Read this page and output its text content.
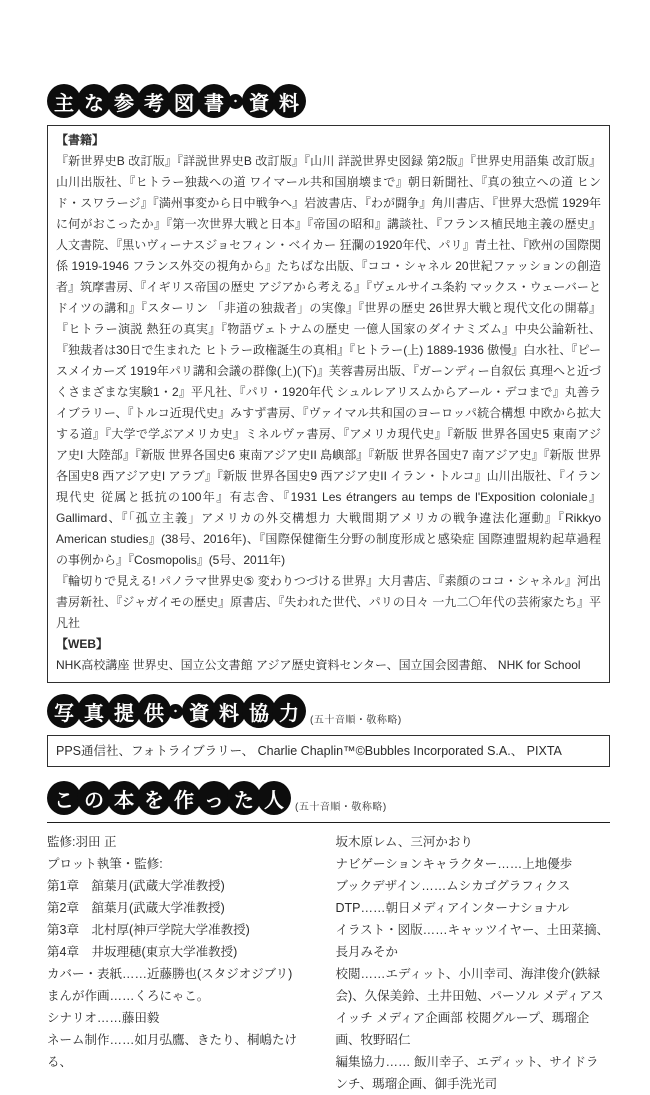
主 な 参 考 図 書 ・ 資 料
【書籍】

『新世界史B 改訂版』『詳説世界史B 改訂版』『山川 詳説世界史図録 第2版』『世界史用語集 改訂版』山川出版社、『ヒトラー独裁への道 ワイマール共和国崩壊まで』朝日新聞社、『真の独立への道 ヒンド・スワラージ』『満州事変から日中戦争へ』岩波書店、『わが闘争』角川書店、『世界大恐慌 1929年に何がおこったか』『第一次世界大戦と日本』『帝国の昭和』講談社、『フランス植民地主義の歴史』人文書院、『黒いヴィーナスジョセフィン・ベイカー 狂瀾の1920年代、パリ』青土社、『欧州の国際関係 1919-1946 フランス外交の視角から』たちばな出版、『ココ・シャネル 20世紀ファッションの創造者』筑摩書房、『イギリス帝国の歴史 アジアから考える』『ヴェルサイユ条約 マックス・ウェーバーとドイツの講和』『スターリン 「非道の独裁者」の実像』『世界の歴史 26世界大戦と現代文化の開幕』『ヒトラー演説 熱狂の真実』『物語ヴェトナムの歴史 一億人国家のダイナミズム』中央公論新社、『独裁者は30日で生まれた ヒトラー政権誕生の真相』『ヒトラー(上) 1889-1936 傲慢』白水社、『ピースメイカーズ 1919年パリ講和会議の群像(上)(下)』芙蓉書房出版、『ガーンディー自叙伝 真理へと近づくさまざまな実験1・2』平凡社、『パリ・1920年代 シュルレアリスムからアール・デコまで』丸善ライブラリー、『トルコ近現代史』みすず書房、『ヴァイマル共和国のヨーロッパ統合構想 中欧から拡大する道』『大学で学ぶアメリカ史』ミネルヴァ書房、『アメリカ現代史』『新版 世界各国史5 東南アジア史I 大陸部』『新版 世界各国史6 東南アジア史II 島嶼部』『新版 世界各国史7 南アジア史』『新版 世界各国史8 西アジア史I アラブ』『新版 世界各国史9 西アジア史II イラン・トルコ』山川出版社、『イラン現代史 従属と抵抗の100年』有志舎、『1931 Les étrangers au temps de l'Exposition coloniale』 Gallimard、『「孤立主義」アメリカの外交構想力 大戦間期アメリカの戦争違法化運動』『Rikkyo American studies』(38号、2016年)、『国際保健衛生分野の制度形成と感染症 国際連盟規約起草過程の事例から』『Cosmopolis』(5号、2011年)

『輪切りで見える! パノラマ世界史⑤ 変わりつづける世界』大月書店、『素顔のココ・シャネル』河出書房新社、『ジャガイモの歴史』原書店、『失われた世代、パリの日々 一九二〇年代の芸術家たち』平凡社

【WEB】

NHK高校講座 世界史、国立公文書館 アジア歴史資料センター、国立国会図書館、 NHK for School

写 真 提 供 ・ 資 料 協 力	(五十音順・敬称略)

PPS通信社、フォトライブラリー、 Charlie Chaplin™©Bubbles Incorporated S.A.、 PIXTA

こ の 本 を 作 っ た 人	(五十音順・敬称略)

監修:羽田 正

プロット執筆・監修:

第1章　舘葉月(武蔵大学准教授)

第2章　舘葉月(武蔵大学准教授)

第3章　北村厚(神戸学院大学准教授)

第4章　井坂理穂(東京大学准教授)

カバー・表紙……近藤勝也(スタジオジブリ)

まんが作画……くろにゃこ。

シナリオ……藤田毅

ネーム制作……如月弘鷹、きたり、桐嶋たける、

坂木原レム、三河かおり

ナビゲーションキャラクター……上地優歩

ブックデザイン……ムシカゴグラフィクス

DTP……朝日メディアインターナショナル

イラスト・図版……キャッツイヤー、土田菜摘、長月みそか

校閲……エディット、小川幸司、海津俊介(鉄緑会)、久保美鈴、土井田勉、パーソル メディアスイッチ メディア企画部 校閲グループ、瑪瑠企画、牧野昭仁

編集協力…… 飯川幸子、エディット、サイドランチ、瑪瑠企画、御手洗光司
